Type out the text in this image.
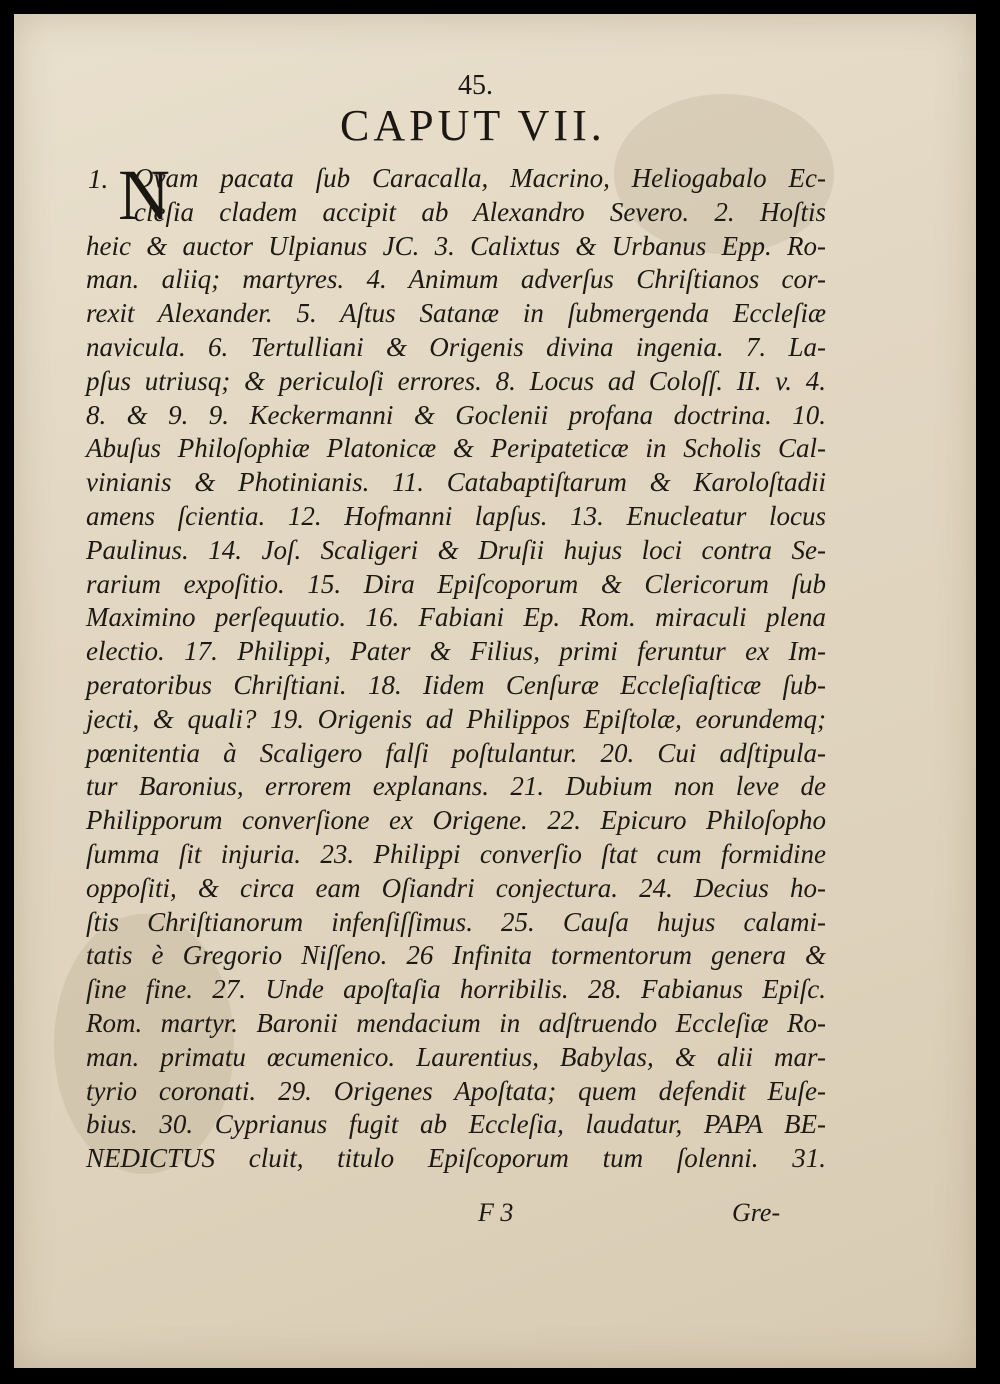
45.
CAPUT VII.
1. N
Ovam pacata ſub Caracalla, Macrino, Heliogabalo Ec-
cleſia cladem accipit ab Alexandro Severo. 2. Hoſtis
heic & auctor Ulpianus JC. 3. Calixtus & Urbanus Epp. Ro-
man. aliiq; martyres. 4. Animum adverſus Chriſtianos cor-
rexit Alexander. 5. Aſtus Satanæ in ſubmergenda Eccleſiæ
navicula. 6. Tertulliani & Origenis divina ingenia. 7. La-
pſus utriusq; & periculoſi errores. 8. Locus ad Coloſſ. II. v. 4.
8. & 9. 9. Keckermanni & Goclenii profana doctrina. 10.
Abuſus Philoſophiæ Platonicæ & Peripateticæ in Scholis Cal-
vinianis & Photinianis. 11. Catabaptiſtarum & Karoloſtadii
amens ſcientia. 12. Hofmanni lapſus. 13. Enucleatur locus
Paulinus. 14. Joſ. Scaligeri & Druſii hujus loci contra Se-
rarium expoſitio. 15. Dira Epiſcoporum & Clericorum ſub
Maximino perſequutio. 16. Fabiani Ep. Rom. miraculi plena
electio. 17. Philippi, Pater & Filius, primi feruntur ex Im-
peratoribus Chriſtiani. 18. Iidem Cenſuræ Eccleſiaſticæ ſub-
jecti, & quali? 19. Origenis ad Philippos Epiſtolæ, eorundemq;
pœnitentia à Scaligero falſi poſtulantur. 20. Cui adſtipula-
tur Baronius, errorem explanans. 21. Dubium non leve de
Philipporum converſione ex Origene. 22. Epicuro Philoſopho
ſumma ſit injuria. 23. Philippi converſio ſtat cum formidine
oppoſiti, & circa eam Oſiandri conjectura. 24. Decius ho-
ſtis Chriſtianorum infenſiſſimus. 25. Cauſa hujus calami-
tatis è Gregorio Niſſeno. 26 Infinita tormentorum genera &
ſine fine. 27. Unde apoſtaſia horribilis. 28. Fabianus Epiſc.
Rom. martyr. Baronii mendacium in adſtruendo Eccleſiæ Ro-
man. primatu œcumenico. Laurentius, Babylas, & alii mar-
tyrio coronati. 29. Origenes Apoſtata; quem defendit Euſe-
bius. 30. Cyprianus fugit ab Eccleſia, laudatur, PAPA BE-
NEDICTUS cluit, titulo Epiſcoporum tum ſolenni. 31.
F 3	Gre-
